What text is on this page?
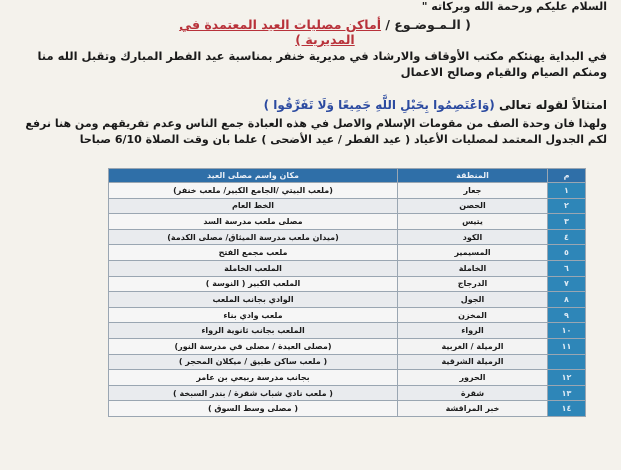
السلام عليكم ورحمة الله وبركاته "
( الـمـوضـوع / أماكن مصليات العيد المعتمدة في المديرية )
في البداية يهنئكم مكتب الأوقاف والارشاد في مديرية خنفر بمناسبة عيد الفطر المبارك وتقبل الله منا ومنكم الصيام والقيام وصالح الاعمال
امتثالاً لقوله تعالى (وَاعْتَصِمُوا بِحَبْلِ اللَّهِ جَمِيعًا وَلَا تَفَرَّقُوا )
ولهذا فان وحدة الصف من مقومات الإسلام والاصل في هذه العبادة جمع الناس وعدم تفريقهم ومن هنا نرفع لكم الجدول المعتمد لمصليات الأعياد ( عيد الفطر / عيد الأضحى ) علما بان وقت الصلاة 6/10 صباحا
م	المنطقة	مكان واسم مصلى العيد
١	جعار	(ملعب البيتي /الجامع الكبير/ ملعب خنفر)
٢	الحصن	الخط العام
٣	يتيس	مصلى ملعب مدرسة السد
٤	الكود	(ميدان ملعب مدرسة الميثاق/ مصلى الكدمة)
٥	المسيمير	ملعب مجمع الفتح
٦	الخاملة	الملعب الخاملة
٧	الدرجاج	الملعب الكبير ( النوسة )
٨	الجول	الوادي بجانب الملعب
٩	المخزن	ملعب وادي بناء
١٠	الرواء	الملعب بجانب ثانوية الرواء
١١	الرميلة / الغربية	(مصلى العيدة / مصلى في مدرسة النور)
	الرميلة الشرقية	( ملعب ساكن طبيق / ميكلان المحجر )
١٢	الحرور	بجانب مدرسة ربيعي بن عامر
١٣	شقرة	( ملعب نادي شباب شقرة / بندر السبخة )
١٤	خبر المراقشة	( مصلى وسط السوق )
